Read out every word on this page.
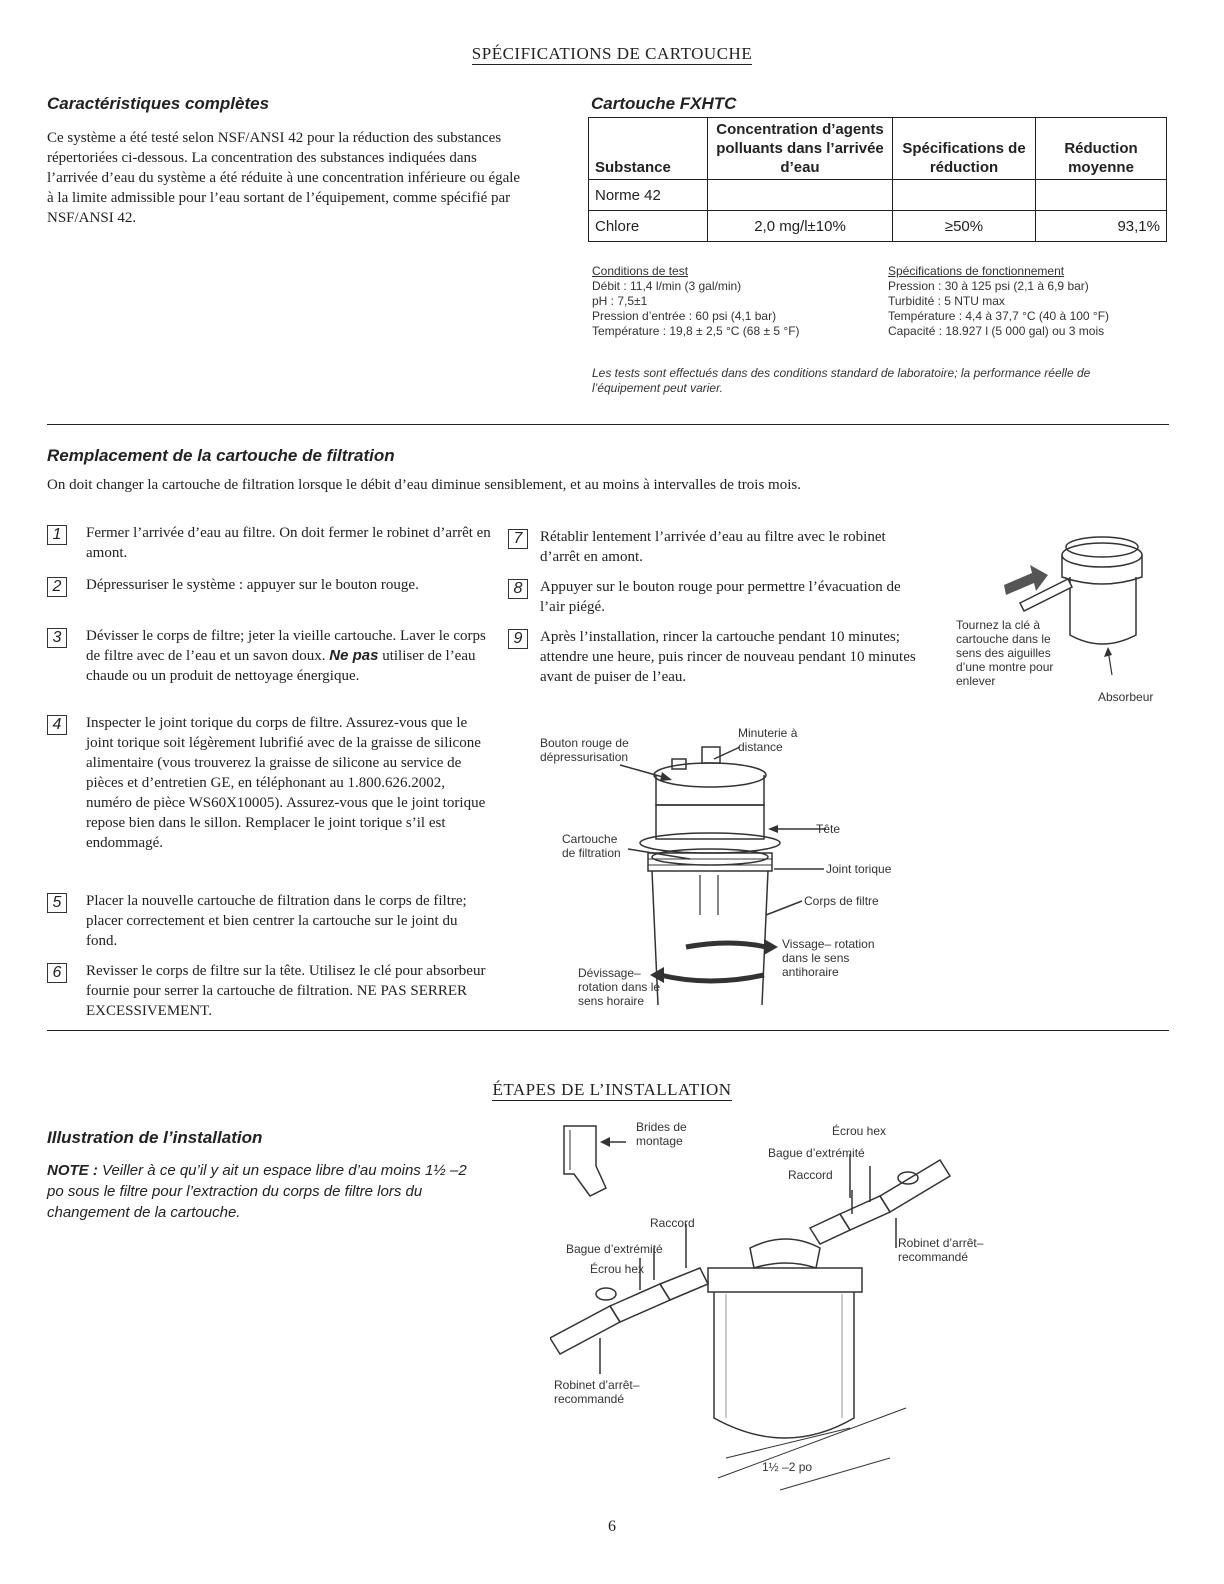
SPÉCIFICATIONS DE CARTOUCHE
Caractéristiques complètes
Ce système a été testé selon NSF/ANSI 42 pour la réduction des substances répertoriées ci-dessous. La concentration des substances indiquées dans l’arrivée d’eau du système a été réduite à une concentration inférieure ou égale à la limite admissible pour l’eau sortant de l’équipement, comme spécifié par NSF/ANSI 42.
Cartouche FXHTC
Substance	Concentration d’agents polluants dans l’arrivée d’eau	Spécifications de réduction	Réduction moyenne
Norme 42			
Chlore	2,0 mg/l±10%	≥50%	93,1%
Conditions de test
Débit : 11,4 l/min (3 gal/min)
pH : 7,5±1
Pression d’entrée : 60 psi (4,1 bar)
Température : 19,8 ± 2,5 °C (68 ± 5 °F)
Spécifications de fonctionnement
Pression : 30 à 125 psi (2,1 à 6,9 bar)
Turbidité : 5 NTU max
Température : 4,4 à 37,7 °C (40 à 100 °F)
Capacité : 18.927 l (5 000 gal) ou 3 mois
Les tests sont effectués dans des conditions standard de laboratoire; la performance réelle de l’équipement peut varier.
Remplacement de la cartouche de filtration
On doit changer la cartouche de filtration lorsque le débit d’eau diminue sensiblement, et au moins à intervalles de trois mois.
1	Fermer l’arrivée d’eau au filtre. On doit fermer le robinet d’arrêt en amont.
2	Dépressuriser le système : appuyer sur le bouton rouge.
3	Dévisser le corps de filtre; jeter la vieille cartouche. Laver le corps de filtre avec de l’eau et un savon doux. Ne pas utiliser de l’eau chaude ou un produit de nettoyage énergique.
4	Inspecter le joint torique du corps de filtre. Assurez-vous que le joint torique soit légèrement lubrifié avec de la graisse de silicone alimentaire (vous trouverez la graisse de silicone au service de pièces et d’entretien GE, en téléphonant au 1.800.626.2002, numéro de pièce WS60X10005). Assurez-vous que le joint torique repose bien dans le sillon. Remplacer le joint torique s’il est endommagé.
5	Placer la nouvelle cartouche de filtration dans le corps de filtre; placer correctement et bien centrer la cartouche sur le joint du fond.
6	Revisser le corps de filtre sur la tête. Utilisez le clé pour absorbeur fournie pour serrer la cartouche de filtration. NE PAS SERRER EXCESSIVEMENT.
7	Rétablir lentement l’arrivée d’eau au filtre avec le robinet d’arrêt en amont.
8	Appuyer sur le bouton rouge pour permettre l’évacuation de l’air piégé.
9	Après l’installation, rincer la cartouche pendant 10 minutes; attendre une heure, puis rincer de nouveau pendant 10 minutes avant de puiser de l’eau.
Tournez la clé à cartouche dans le sens des aiguilles d’une montre pour enlever
Absorbeur
Bouton rouge de dépressurisation
Minuterie à distance
Tête
Cartouche de filtration
Joint torique
Corps de filtre
Vissage– rotation dans le sens antihoraire
Dévissage– rotation dans le sens horaire
ÉTAPES DE L’INSTALLATION
Illustration de l’installation
NOTE : Veiller à ce qu’il y ait un espace libre d’au moins 1½ –2 po sous le filtre pour l’extraction du corps de filtre lors du changement de la cartouche.
Brides de montage
Écrou hex
Bague d’extrémité
Raccord
Raccord
Bague d’extrémité
Écrou hex
Robinet d’arrêt– recommandé
Robinet d’arrêt– recommandé
1½ –2 po
6
